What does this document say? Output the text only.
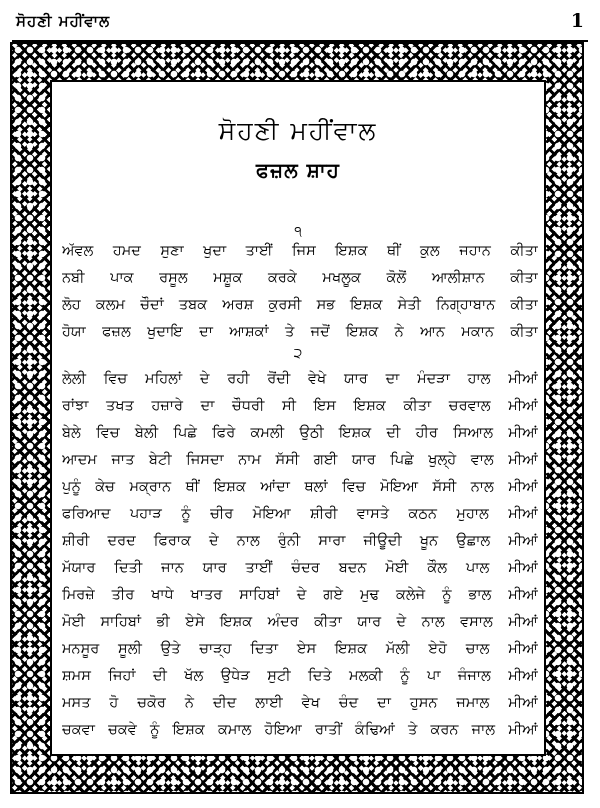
ਸੋਹਣੀ ਮਹੀਂਵਾਲ	1
ਸੋਹਣੀ ਮਹੀਂਵਾਲ
ਫਜ਼ਲ ਸ਼ਾਹ
੧
ਅੱਵਲ ਹਮਦ ਸੁਣਾ ਖੁਦਾ ਤਾਈਂ ਜਿਸ ਇਸ਼ਕ ਥੀਂ ਕੁਲ ਜਹਾਨ ਕੀਤਾ
ਨਬੀ ਪਾਕ ਰਸੂਲ ਮਸ਼ੂਕ ਕਰਕੇ ਮਖਲੂਕ ਕੋਲੋਂ ਆਲੀਸ਼ਾਨ ਕੀਤਾ
ਲੋਹ ਕਲਮ ਚੌਦਾਂ ਤਬਕ ਅਰਸ਼ ਕੁਰਸੀ ਸਭ ਇਸ਼ਕ ਸੇਤੀ ਨਿਗ੍ਹਾਬਾਨ ਕੀਤਾ
ਹੋਯਾ ਫਜ਼ਲ ਖੁਦਾਇ ਦਾ ਆਸ਼ਕਾਂ ਤੇ ਜਦੋਂ ਇਸ਼ਕ ਨੇ ਆਨ ਮਕਾਨ ਕੀਤਾ
੨
ਲੇਲੀ ਵਿਚ ਮਹਿਲਾਂ ਦੇ ਰਹੀ ਰੋਂਦੀ ਵੇਖੇ ਯਾਰ ਦਾ ਮੰਦੜਾ ਹਾਲ ਮੀਆਂ
ਰਾਂਝਾ ਤਖਤ ਹਜ਼ਾਰੇ ਦਾ ਚੌਧਰੀ ਸੀ ਇਸ ਇਸ਼ਕ ਕੀਤਾ ਚਰਵਾਲ ਮੀਆਂ
ਬੇਲੇ ਵਿਚ ਬੇਲੀ ਪਿਛੇ ਫਿਰੇ ਕਮਲੀ ਉਠੀ ਇਸ਼ਕ ਦੀ ਹੀਰ ਸਿਆਲ ਮੀਆਂ
ਆਦਮ ਜਾਤ ਬੇਟੀ ਜਿਸਦਾ ਨਾਮ ਸੱਸੀ ਗਈ ਯਾਰ ਪਿਛੇ ਖੁਲ੍ਹੇ ਵਾਲ ਮੀਆਂ
ਪੁਨੂੰ ਕੇਚ ਮਕ੍ਰਾਨ ਥੀਂ ਇਸ਼ਕ ਆਂਦਾ ਥਲਾਂ ਵਿਚ ਮੋਇਆ ਸੱਸੀ ਨਾਲ ਮੀਆਂ
ਫਰਿਆਦ ਪਹਾੜ ਨੂੰ ਚੀਰ ਮੋਇਆ ਸ਼ੀਰੀ ਵਾਸਤੇ ਕਠਨ ਮੁਹਾਲ ਮੀਆਂ
ਸ਼ੀਰੀ ਦਰਦ ਫਿਰਾਕ ਦੇ ਨਾਲ ਰੁੰਨੀ ਸਾਰਾ ਜੀਊਦੀ ਖੂਨ ਉਛਾਲ ਮੀਆਂ
ਮੱਯਾਰ ਦਿਤੀ ਜਾਨ ਯਾਰ ਤਾਈਂ ਚੰਦਰ ਬਦਨ ਮੋਈ ਕੌਲ ਪਾਲ ਮੀਆਂ
ਮਿਰਜ਼ੇ ਤੀਰ ਖਾਧੇ ਖਾਤਰ ਸਾਹਿਬਾਂ ਦੇ ਗਏ ਮੁਢ ਕਲੇਜੇ ਨੂੰ ਭਾਲ ਮੀਆਂ
ਮੋਈ ਸਾਹਿਬਾਂ ਭੀ ਏਸੇ ਇਸ਼ਕ ਅੰਦਰ ਕੀਤਾ ਯਾਰ ਦੇ ਨਾਲ ਵਸਾਲ ਮੀਆਂ
ਮਨਸੂਰ ਸੂਲੀ ਉਤੇ ਚਾੜ੍ਹ ਦਿਤਾ ਏਸ ਇਸ਼ਕ ਮੱਲੀ ਏਹੋ ਚਾਲ ਮੀਆਂ
ਸ਼ਮਸ ਜਿਹਾਂ ਦੀ ਖੱਲ ਉਧੇੜ ਸੁਟੀ ਦਿਤੇ ਮਲਕੀ ਨੂੰ ਪਾ ਜੰਜਾਲ ਮੀਆਂ
ਮਸਤ ਹੋ ਚਕੋਰ ਨੇ ਦੀਦ ਲਾਈ ਵੇਖ ਚੰਦ ਦਾ ਹੁਸਨ ਜਮਾਲ ਮੀਆਂ
ਚਕਵਾ ਚਕਵੇ ਨੂੰ ਇਸ਼ਕ ਕਮਾਲ ਹੋਇਆ ਰਾਤੀਂ ਕੰਢਿਆਂ ਤੇ ਕਰਨ ਜਾਲ ਮੀਆਂ
